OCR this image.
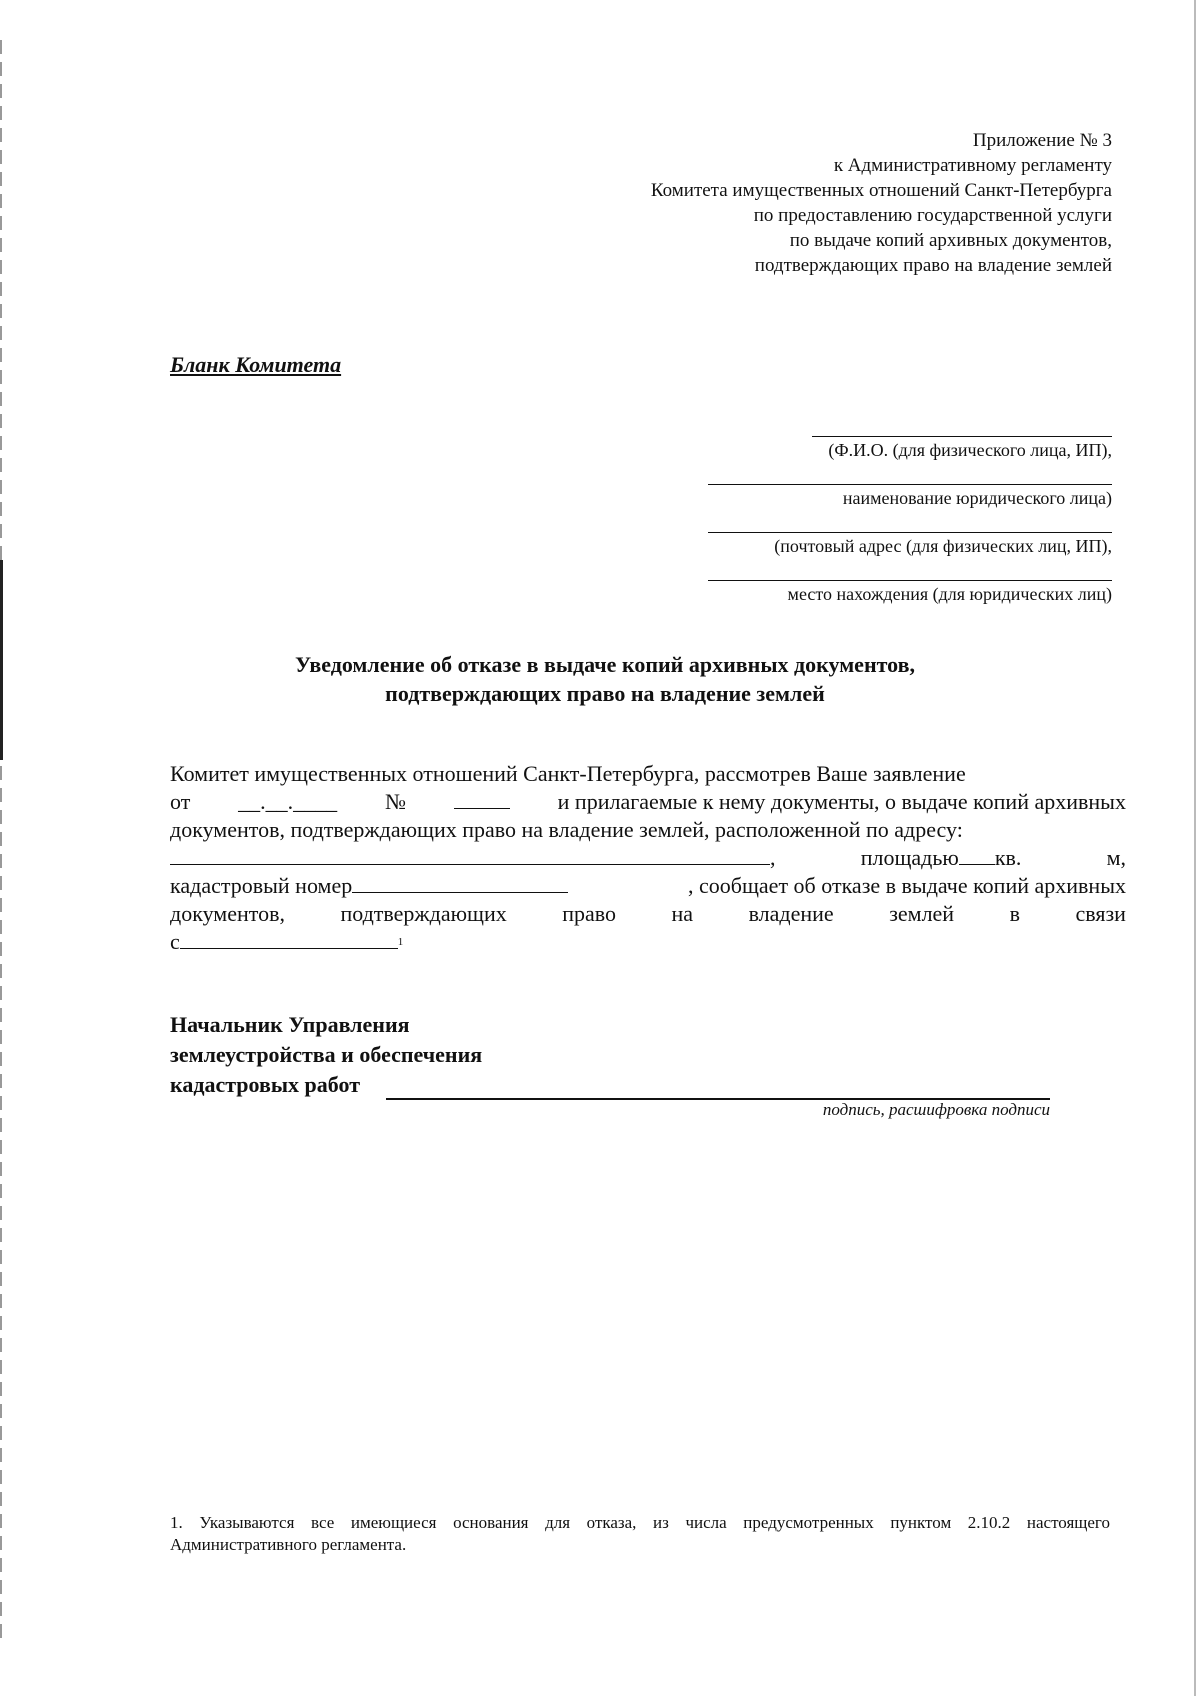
Приложение № 3
к Административному регламенту
Комитета имущественных отношений Санкт-Петербурга
по предоставлению государственной услуги
по выдаче копий архивных документов,
подтверждающих право на владение землей
Бланк Комитета
(Ф.И.О. (для физического лица, ИП),
наименование юридического лица)
(почтовый адрес (для физических лиц, ИП),
место нахождения (для юридических лиц)
Уведомление об отказе в выдаче копий архивных документов,
подтверждающих право на владение землей
Комитет имущественных отношений Санкт-Петербурга, рассмотрев Ваше заявление
от __.__.____ №	и прилагаемые к нему документы, о выдаче копий архивных
документов, подтверждающих право на владение землей, расположенной по адресу:
,	площадью кв.	м,
кадастровый номер	, сообщает об отказе в выдаче копий архивных
документов,	подтверждающих	право	на	владение	землей	в	связи
с	1
Начальник Управления
землеустройства и обеспечения
кадастровых работ
подпись, расшифровка подписи
1. Указываются все имеющиеся основания для отказа, из числа предусмотренных пунктом 2.10.2 настоящего Административного регламента.
